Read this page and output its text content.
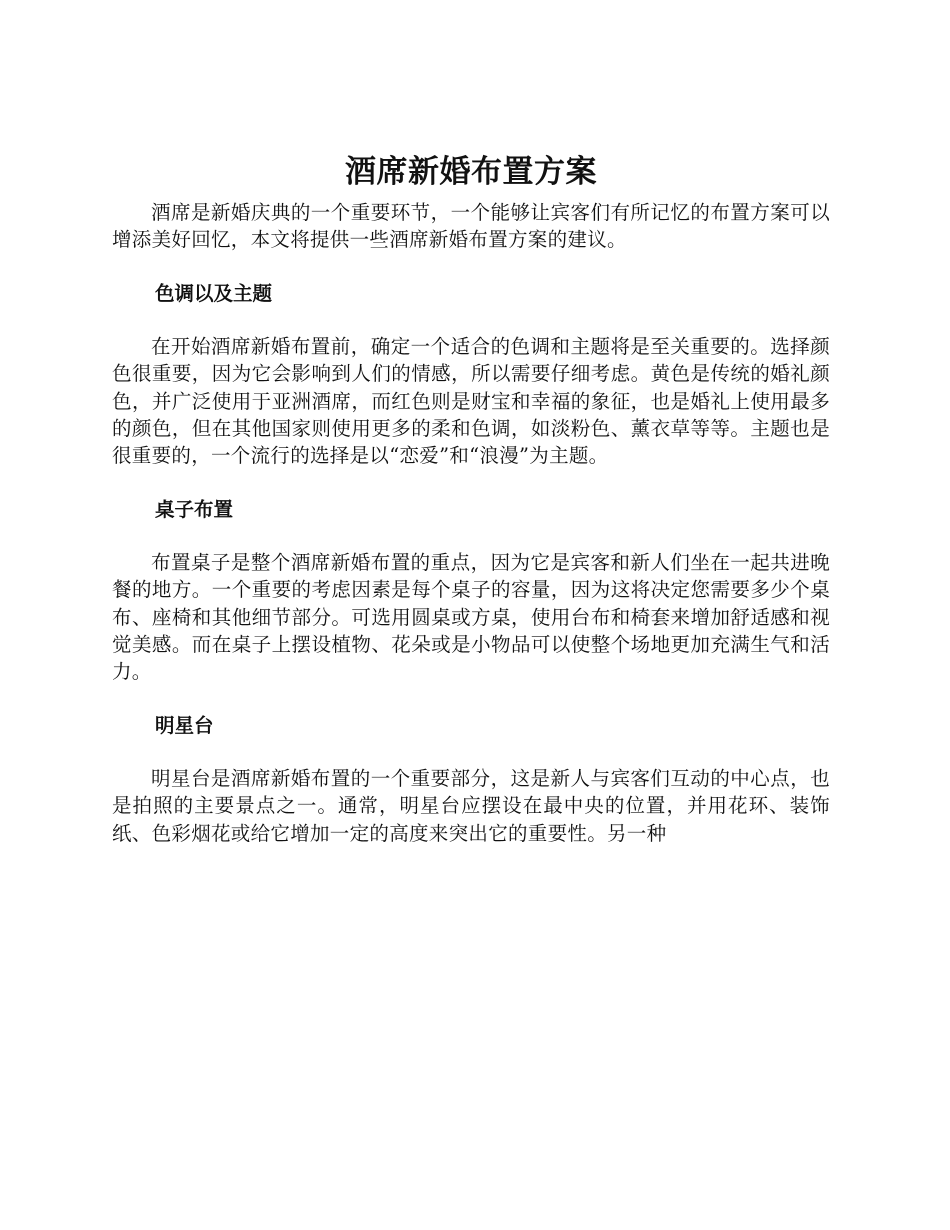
酒席新婚布置方案

酒席是新婚庆典的一个重要环节，一个能够让宾客们有所记忆的布置方案可以增添美好回忆，本文将提供一些酒席新婚布置方案的建议。

色调以及主题

在开始酒席新婚布置前，确定一个适合的色调和主题将是至关重要的。选择颜色很重要，因为它会影响到人们的情感，所以需要仔细考虑。黄色是传统的婚礼颜色，并广泛使用于亚洲酒席，而红色则是财宝和幸福的象征，也是婚礼上使用最多的颜色，但在其他国家则使用更多的柔和色调，如淡粉色、薰衣草等等。主题也是很重要的，一个流行的选择是以“恋爱”和“浪漫”为主题。

桌子布置

布置桌子是整个酒席新婚布置的重点，因为它是宾客和新人们坐在一起共进晚餐的地方。一个重要的考虑因素是每个桌子的容量，因为这将决定您需要多少个桌布、座椅和其他细节部分。可选用圆桌或方桌，使用台布和椅套来增加舒适感和视觉美感。而在桌子上摆设植物、花朵或是小物品可以使整个场地更加充满生气和活力。

明星台

明星台是酒席新婚布置的一个重要部分，这是新人与宾客们互动的中心点，也是拍照的主要景点之一。通常，明星台应摆设在最中央的位置，并用花环、装饰纸、色彩烟花或给它增加一定的高度来突出它的重要性。另一种
